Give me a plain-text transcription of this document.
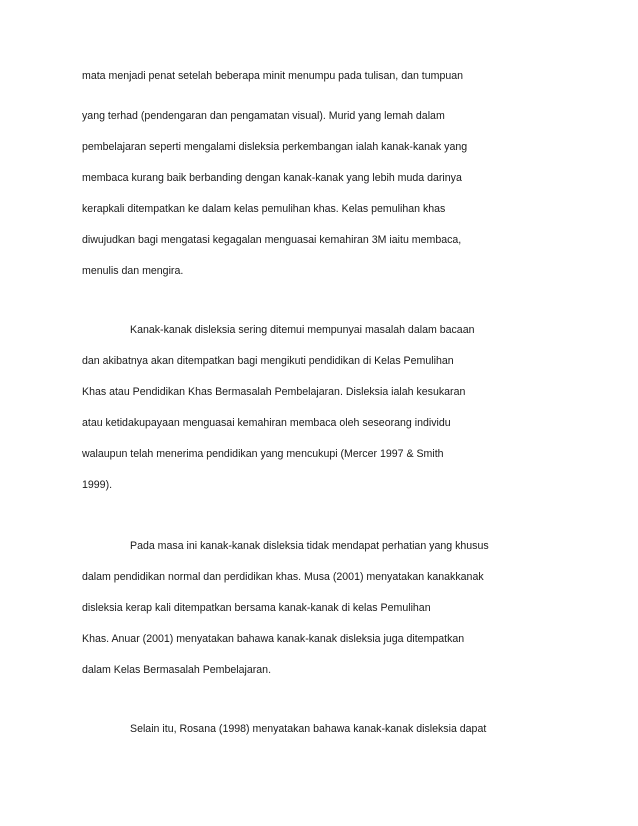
mata menjadi penat setelah beberapa minit menumpu pada tulisan, dan tumpuan
yang terhad (pendengaran dan pengamatan visual). Murid yang lemah dalam
pembelajaran seperti mengalami disleksia perkembangan ialah kanak-kanak yang
membaca kurang baik berbanding dengan kanak-kanak yang lebih muda darinya
kerapkali ditempatkan ke dalam kelas pemulihan khas. Kelas pemulihan khas
diwujudkan bagi mengatasi kegagalan menguasai kemahiran 3M iaitu membaca,
menulis dan mengira.
Kanak-kanak disleksia sering ditemui mempunyai masalah dalam bacaan
dan akibatnya akan ditempatkan bagi mengikuti pendidikan di Kelas Pemulihan
Khas atau Pendidikan Khas Bermasalah Pembelajaran. Disleksia ialah kesukaran
atau ketidakupayaan menguasai kemahiran membaca oleh seseorang individu
walaupun telah menerima pendidikan yang mencukupi (Mercer 1997 & Smith
1999).
Pada masa ini kanak-kanak disleksia tidak mendapat perhatian yang khusus
dalam pendidikan normal dan perdidikan khas. Musa (2001) menyatakan kanakkanak
disleksia kerap kali ditempatkan bersama kanak-kanak di kelas Pemulihan
Khas. Anuar (2001) menyatakan bahawa kanak-kanak disleksia juga ditempatkan
dalam Kelas Bermasalah Pembelajaran.
Selain itu, Rosana (1998) menyatakan bahawa kanak-kanak disleksia dapat
